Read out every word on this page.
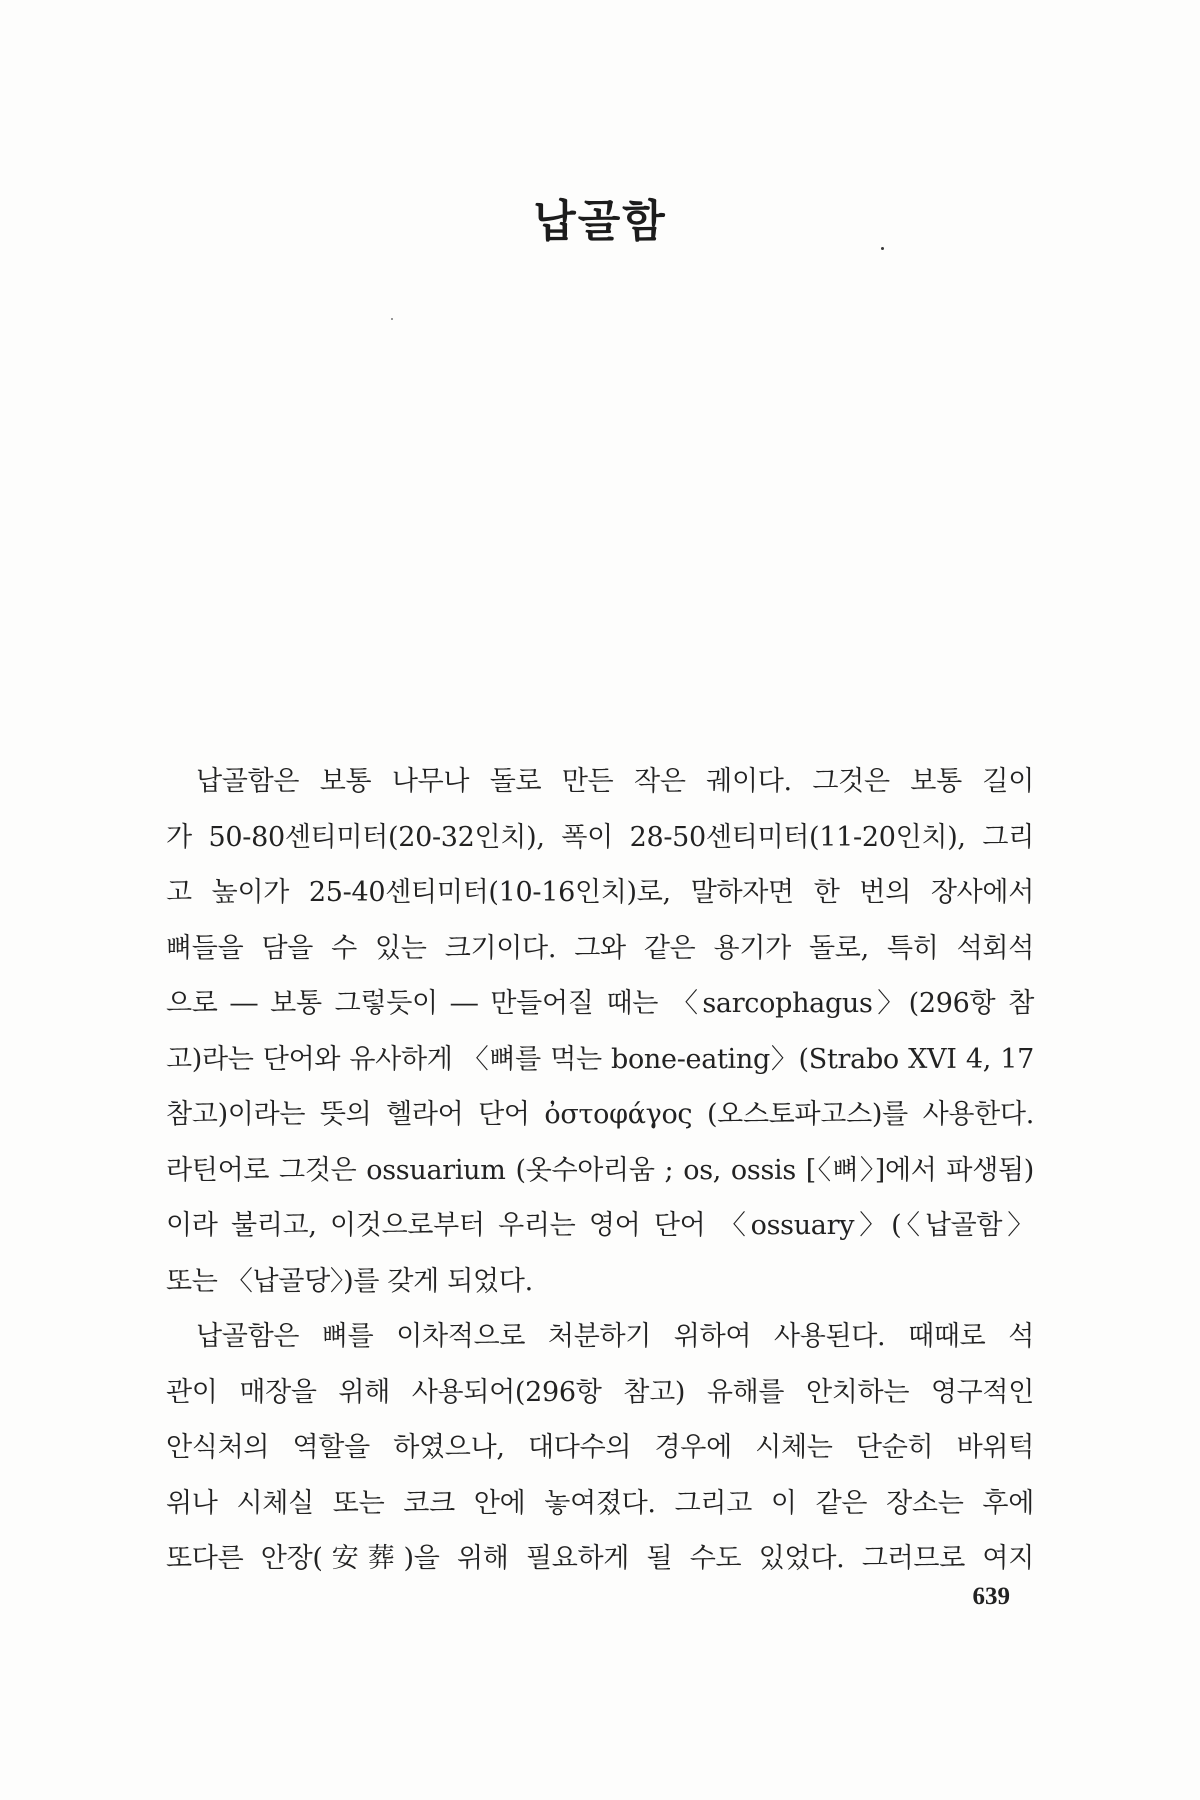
납골함
납골함은 보통 나무나 돌로 만든 작은 궤이다. 그것은 보통 길이
가 50-80센티미터(20-32인치), 폭이 28-50센티미터(11-20인치), 그리
고 높이가 25-40센티미터(10-16인치)로, 말하자면 한 번의 장사에서
뼈들을 담을 수 있는 크기이다. 그와 같은 용기가 돌로, 특히 석회석
으로 ― 보통 그렇듯이 ― 만들어질 때는 〈sarcophagus〉(296항 참
고)라는 단어와 유사하게 〈뼈를 먹는 bone-eating〉(Strabo XVI 4, 17
참고)이라는 뜻의 헬라어 단어 ὀστοφάγος (오스토파고스)를 사용한다.
라틴어로 그것은 ossuarium (옷수아리움 ; os, ossis [〈뼈〉]에서 파생됨)
이라 불리고, 이것으로부터 우리는 영어 단어 〈ossuary〉(〈납골함〉
또는 〈납골당〉)를 갖게 되었다.
납골함은 뼈를 이차적으로 처분하기 위하여 사용된다. 때때로 석
관이 매장을 위해 사용되어(296항 참고) 유해를 안치하는 영구적인
안식처의 역할을 하였으나, 대다수의 경우에 시체는 단순히 바위턱
위나 시체실 또는 코크 안에 놓여졌다. 그리고 이 같은 장소는 후에
또다른 안장(安葬)을 위해 필요하게 될 수도 있었다. 그러므로 여지
639
